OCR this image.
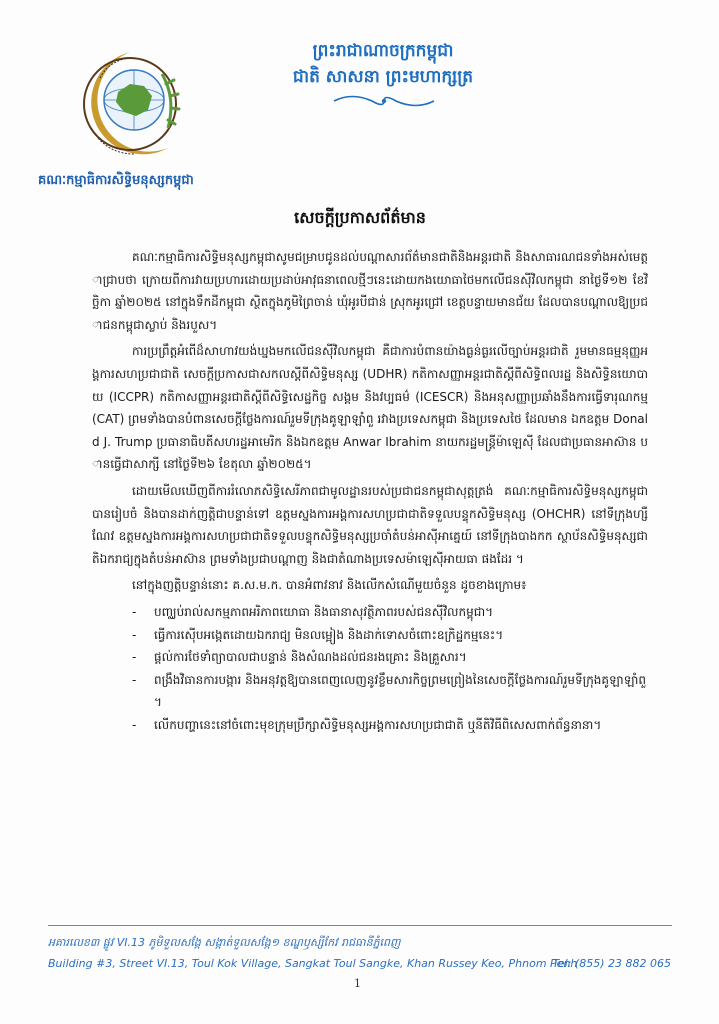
គណៈកម្មាធិការសិទ្ធិមនុស្សកម្ពុជា
ព្រះរាជាណាចក្រកម្ពុជា
ជាតិ សាសនា ព្រះមហាក្សត្រ
សេចក្តីប្រកាសព័ត៌មាន

គណៈកម្មាធិការសិទ្ធិមនុស្សកម្ពុជាសូមជម្រាបជូនដល់បណ្តាសារព័ត៌មានជាតិនិងអន្តរជាតិ និងសាធារណជនទាំងអស់មេត្តាជ្រាបថា ក្រោយពីការវាយប្រហារដោយប្រដាប់អាវុធនាពេលថ្មីៗនេះដោយកងយោធាថៃមកលើជនស៊ីវិលកម្ពុជា នាថ្ងៃទី១២ ខែវិច្ឆិកា ឆ្នាំ២០២៥ នៅក្នុងទឹកដីកម្ពុជា ស្ថិតក្នុងភូមិព្រៃចាន់ ឃុំអូរបីជាន់ ស្រុកអូរជ្រៅ ខេត្តបន្ទាយមានជ័យ ដែលបានបណ្តាលឱ្យប្រជាជនកម្ពុជាស្លាប់ និងរបួស។

ការប្រព្រឹត្តអំពើដ៏សាហាវយង់ឃ្នងមកលើជនស៊ីវិលកម្ពុជា គឺជាការបំពានយ៉ាងធ្ងន់ធ្ងរលើច្បាប់អន្តរជាតិ រួមមានធម្មនុញ្ញអង្គការសហប្រជាជាតិ សេចក្តីប្រកាសជាសកលស្តីពីសិទ្ធិមនុស្ស (UDHR) កតិកាសញ្ញាអន្តរជាតិស្តីពីសិទ្ធិពលរដ្ឋ និងសិទ្ធិនយោបាយ (ICCPR) កតិកាសញ្ញាអន្តរជាតិស្តីពីសិទ្ធិសេដ្ឋកិច្ច សង្គម និងវប្បធម៌ (ICESCR) និងអនុសញ្ញាប្រឆាំងនឹងការធ្វើទារុណកម្ម (CAT) ព្រមទាំងបានបំពានសេចក្តីថ្លែងការណ៍រួមទីក្រុងគូឡាឡាំពួ រវាងប្រទេសកម្ពុជា និងប្រទេសថៃ ដែលមាន ឯកឧត្តម Donald J. Trump ប្រធានាធិបតីសហរដ្ឋអាមេរិក និងឯកឧត្តម Anwar Ibrahim នាយករដ្ឋមន្ត្រីម៉ាឡេស៊ី ដែលជាប្រធានអាស៊ាន បានធ្វើជាសាក្សី នៅថ្ងៃទី២៦ ខែតុលា ឆ្នាំ២០២៥។

ដោយមើលឃើញពីការរំលោភសិទ្ធិសេរីភាពជាមូលដ្ឋានរបស់ប្រជាជនកម្ពុជាសុត្តត្រង់ គណៈកម្មាធិការសិទ្ធិមនុស្សកម្ពុជា បានរៀបចំ និងបានដាក់ញត្តិជាបន្ទាន់ទៅ ឧត្តមស្នងការអង្គការសហប្រជាជាតិទទួលបន្ទុកសិទ្ធិមនុស្ស (OHCHR) នៅទីក្រុងហ្សឺណែវ ឧត្តមស្នងការអង្គការសហប្រជាជាតិទទួលបន្ទុកសិទ្ធិមនុស្សប្រចាំតំបន់អាស៊ីអាគ្នេយ៍ នៅទីក្រុងបាងកក ស្ថាប័នសិទ្ធិមនុស្សជាតិឯករាជ្យក្នុងតំបន់អាស៊ាន ព្រមទាំងប្រជាបណ្តាញ និងជាតំណាងប្រទេសម៉ាឡេស៊ីអាយធា ផងដែរ ។

នៅក្នុងញត្តិបន្ទាន់នោះ គ.ស.ម.ក. បានអំពាវនាវ និងលើកសំណើមួយចំនួន ដូចខាងក្រោម៖

- បញ្ឈប់រាល់សកម្មភាពអរិភាពយោធា និងធានាសុវត្ថិភាពរបស់ជនស៊ីវិលកម្ពុជា។
- ធ្វើការស៊ើបអង្កេតដោយឯករាជ្យ មិនលម្អៀង និងដាក់ទោសចំពោះឧក្រិដ្ឋកម្មនេះ។
- ផ្តល់ការថែទាំព្យាបាលជាបន្ទាន់ និងសំណងដល់ជនរងគ្រោះ និងគ្រួសារ។
- ពង្រឹងវិធានការបង្ការ និងអនុវត្តឱ្យបានពេញលេញនូវខ្លឹមសារកិច្ចព្រមព្រៀងនៃសេចក្តីថ្លែងការណ៍រួមទីក្រុងគូឡាឡាំពួ។
- លើកបញ្ហានេះនៅចំពោះមុខក្រុមប្រឹក្សាសិទ្ធិមនុស្សអង្គការសហប្រជាជាតិ ឬនីតិវិធីពិសេសពាក់ព័ន្ធនានា។
អគារលេខ៣ ផ្លូវ VI.13 ភូមិទួលសង្កែ សង្កាត់ទួលសង្កែ១ ខណ្ឌឫស្សីកែវ រាជធានីភ្នំពេញ
Building #3, Street VI.13, Toul Kok Village, Sangkat Toul Sangke, Khan Russey Keo, Phnom Penh
Tel: (855) 23 882 065
1
